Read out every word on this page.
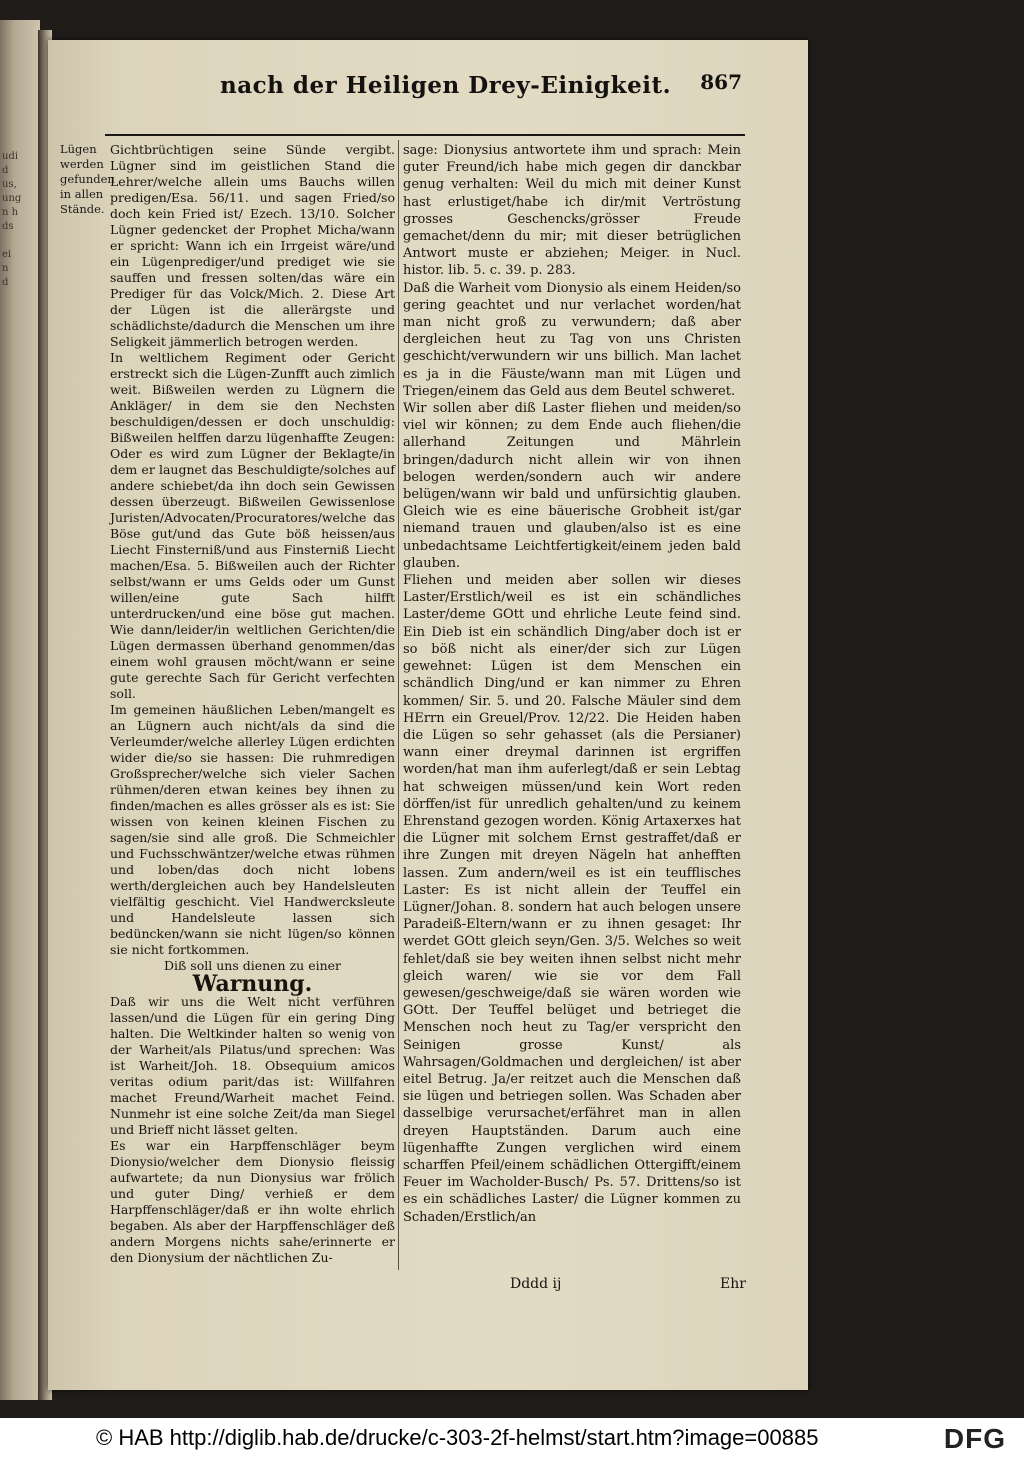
udi
d
us,
ung
n h
ds

ei
n
d
nach der Heiligen Drey-Einigkeit. 867
Lügen
werden
gefunden
in allen
Stände.

Gichtbrüchtigen seine Sünde vergibt. Lügner sind im geistlichen Stand die Lehrer/welche allein ums Bauchs willen predigen/Esa. 56/11. und sagen Fried/so doch kein Fried ist/ Ezech. 13/10. Solcher Lügner gedencket der Prophet Micha/wann er spricht: Wann ich ein Irrgeist wäre/und ein Lügenprediger/und prediget wie sie sauffen und fressen solten/das wäre ein Prediger für das Volck/Mich. 2. Diese Art der Lügen ist die allerärgste und schädlichste/dadurch die Menschen um ihre Seligkeit jämmerlich betrogen werden.

In weltlichem Regiment oder Gericht erstreckt sich die Lügen-Zunfft auch zimlich weit. Bißweilen werden zu Lügnern die Ankläger/ in dem sie den Nechsten beschuldigen/dessen er doch unschuldig: Bißweilen helffen darzu lügenhaffte Zeugen: Oder es wird zum Lügner der Beklagte/in dem er laugnet das Beschuldigte/solches auf andere schiebet/da ihn doch sein Gewissen dessen überzeugt. Bißweilen Gewissenlose Juristen/Advocaten/Procuratores/welche das Böse gut/und das Gute böß heissen/aus Liecht Finsterniß/und aus Finsterniß Liecht machen/Esa. 5. Bißweilen auch der Richter selbst/wann er ums Gelds oder um Gunst willen/eine gute Sach hilfft unterdrucken/und eine böse gut machen. Wie dann/leider/in weltlichen Gerichten/die Lügen dermassen überhand genommen/das einem wohl grausen möcht/wann er seine gute gerechte Sach für Gericht verfechten soll.

Im gemeinen häußlichen Leben/mangelt es an Lügnern auch nicht/als da sind die Verleumder/welche allerley Lügen erdichten wider die/so sie hassen: Die ruhmredigen Großsprecher/welche sich vieler Sachen rühmen/deren etwan keines bey ihnen zu finden/machen es alles grösser als es ist: Sie wissen von keinen kleinen Fischen zu sagen/sie sind alle groß. Die Schmeichler und Fuchsschwäntzer/welche etwas rühmen und loben/das doch nicht lobens werth/dergleichen auch bey Handelsleuten vielfältig geschicht. Viel Handwercksleute und Handelsleute lassen sich bedüncken/wann sie nicht lügen/so können sie nicht fortkommen.

Diß soll uns dienen zu einer

Warnung.

Daß wir uns die Welt nicht verführen lassen/und die Lügen für ein gering Ding halten. Die Weltkinder halten so wenig von der Warheit/als Pilatus/und sprechen: Was ist Warheit/Joh. 18. Obsequium amicos veritas odium parit/das ist: Willfahren machet Freund/Warheit machet Feind. Nunmehr ist eine solche Zeit/da man Siegel und Brieff nicht lässet gelten.

Es war ein Harpffenschläger beym Dionysio/welcher dem Dionysio fleissig aufwartete; da nun Dionysius war frölich und guter Ding/ verhieß er dem Harpffenschläger/daß er ihn wolte ehrlich begaben. Als aber der Harpffenschläger deß andern Morgens nichts sahe/erinnerte er den Dionysium der nächtlichen Zu-

sage: Dionysius antwortete ihm und sprach: Mein guter Freund/ich habe mich gegen dir danckbar genug verhalten: Weil du mich mit deiner Kunst hast erlustiget/habe ich dir/mit Vertröstung grosses Geschencks/grösser Freude gemachet/denn du mir; mit dieser betrüglichen Antwort muste er abziehen; Meiger. in Nucl. histor. lib. 5. c. 39. p. 283.

Daß die Warheit vom Dionysio als einem Heiden/so gering geachtet und nur verlachet worden/hat man nicht groß zu verwundern; daß aber dergleichen heut zu Tag von uns Christen geschicht/verwundern wir uns billich. Man lachet es ja in die Fäuste/wann man mit Lügen und Triegen/einem das Geld aus dem Beutel schweret.

Wir sollen aber diß Laster fliehen und meiden/so viel wir können; zu dem Ende auch fliehen/die allerhand Zeitungen und Mährlein bringen/dadurch nicht allein wir von ihnen belogen werden/sondern auch wir andere belügen/wann wir bald und unfürsichtig glauben. Gleich wie es eine bäuerische Grobheit ist/gar niemand trauen und glauben/also ist es eine unbedachtsame Leichtfertigkeit/einem jeden bald glauben.

Fliehen und meiden aber sollen wir dieses Laster/Erstlich/weil es ist ein schändliches Laster/deme GOtt und ehrliche Leute feind sind. Ein Dieb ist ein schändlich Ding/aber doch ist er so böß nicht als einer/der sich zur Lügen gewehnet: Lügen ist dem Menschen ein schändlich Ding/und er kan nimmer zu Ehren kommen/ Sir. 5. und 20. Falsche Mäuler sind dem HErrn ein Greuel/Prov. 12/22. Die Heiden haben die Lügen so sehr gehasset (als die Persianer) wann einer dreymal darinnen ist ergriffen worden/hat man ihm auferlegt/daß er sein Lebtag hat schweigen müssen/und kein Wort reden dörffen/ist für unredlich gehalten/und zu keinem Ehrenstand gezogen worden. König Artaxerxes hat die Lügner mit solchem Ernst gestraffet/daß er ihre Zungen mit dreyen Nägeln hat anhefften lassen. Zum andern/weil es ist ein teufflisches Laster: Es ist nicht allein der Teuffel ein Lügner/Johan. 8. sondern hat auch belogen unsere Paradeiß-Eltern/wann er zu ihnen gesaget: Ihr werdet GOtt gleich seyn/Gen. 3/5. Welches so weit fehlet/daß sie bey weiten ihnen selbst nicht mehr gleich waren/ wie sie vor dem Fall gewesen/geschweige/daß sie wären worden wie GOtt. Der Teuffel belüget und betrieget die Menschen noch heut zu Tag/er verspricht den Seinigen grosse Kunst/ als Wahrsagen/Goldmachen und dergleichen/ ist aber eitel Betrug. Ja/er reitzet auch die Menschen daß sie lügen und betriegen sollen. Was Schaden aber dasselbige verursachet/erfähret man in allen dreyen Hauptständen. Darum auch eine lügenhaffte Zungen verglichen wird einem scharffen Pfeil/einem schädlichen Ottergifft/einem Feuer im Wacholder-Busch/ Ps. 57. Drittens/so ist es ein schädliches Laster/ die Lügner kommen zu Schaden/Erstlich/an

Dddd ij	Ehr
© HAB http://diglib.hab.de/drucke/c-303-2f-helmst/start.htm?image=00885	DFG
